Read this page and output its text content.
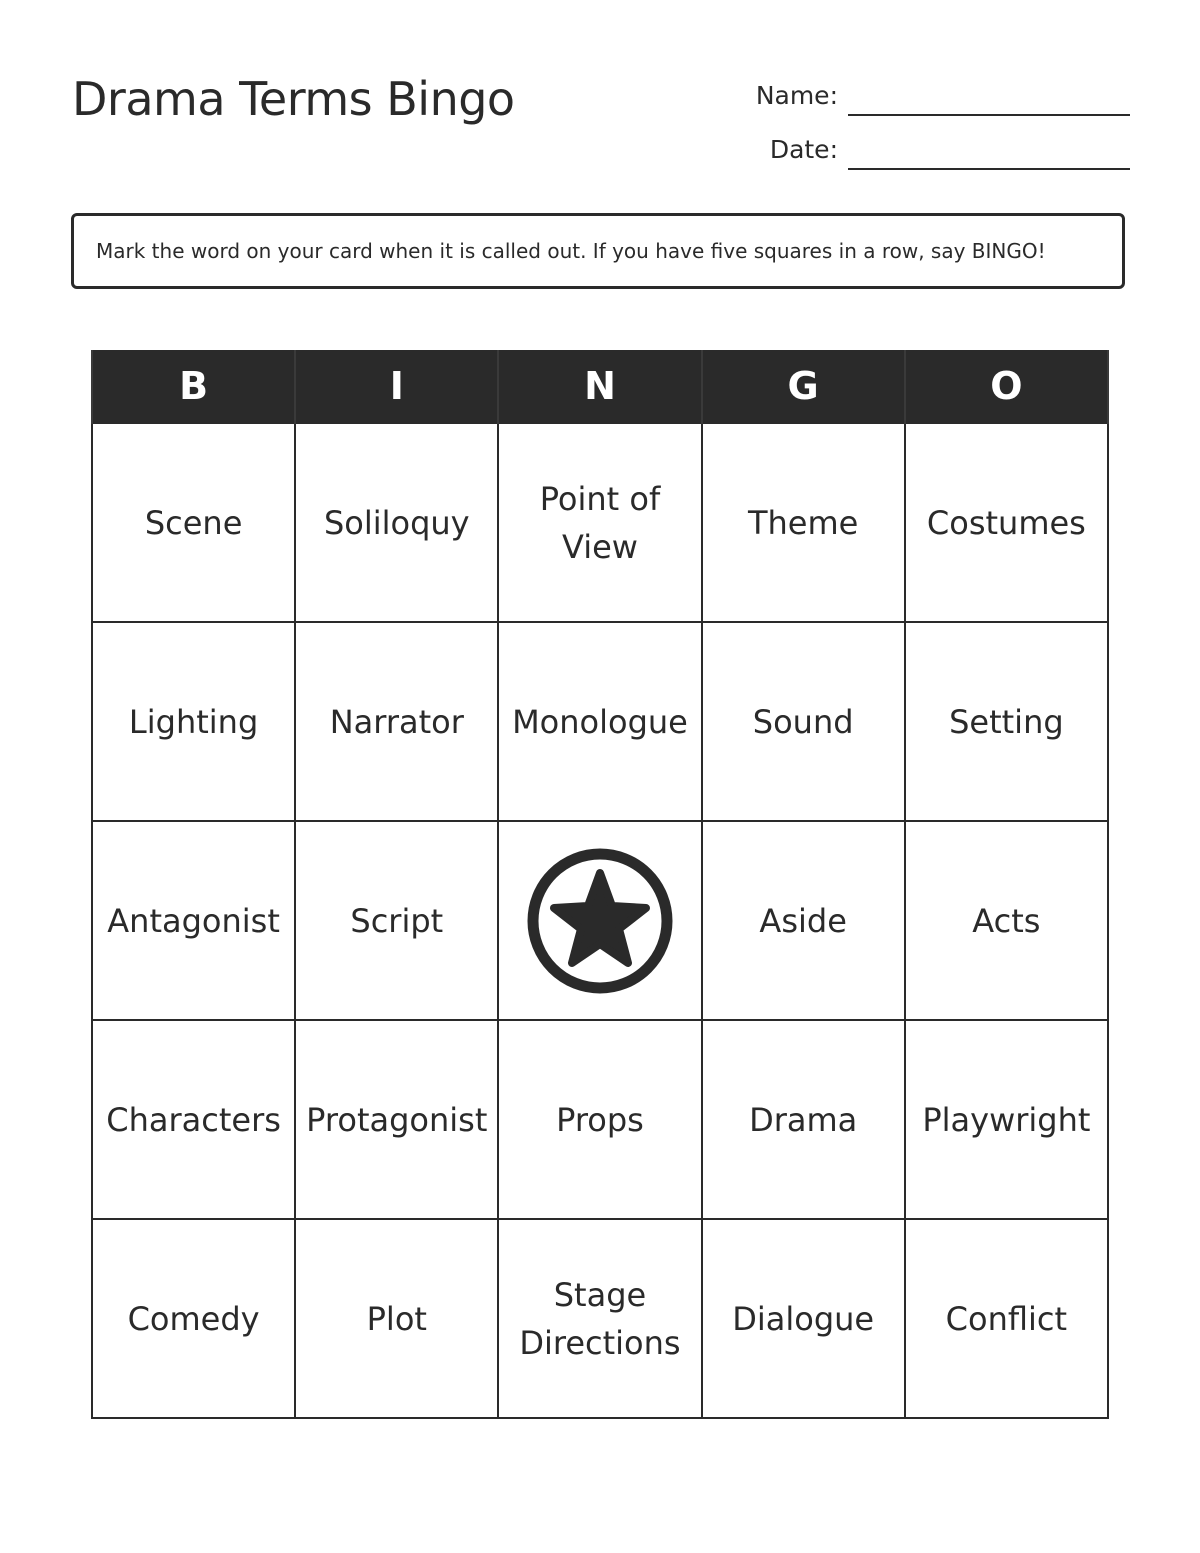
Drama Terms Bingo	Name:
Date:
Mark the word on your card when it is called out. If you have five squares in a row, say BINGO!
B	I	N	G	O
Scene	Soliloquy	Point of View	Theme	Costumes
Lighting	Narrator	Monologue	Sound	Setting
Antagonist	Script		Aside	Acts
Characters	Protagonist	Props	Drama	Playwright
Comedy	Plot	Stage Directions	Dialogue	Conflict
